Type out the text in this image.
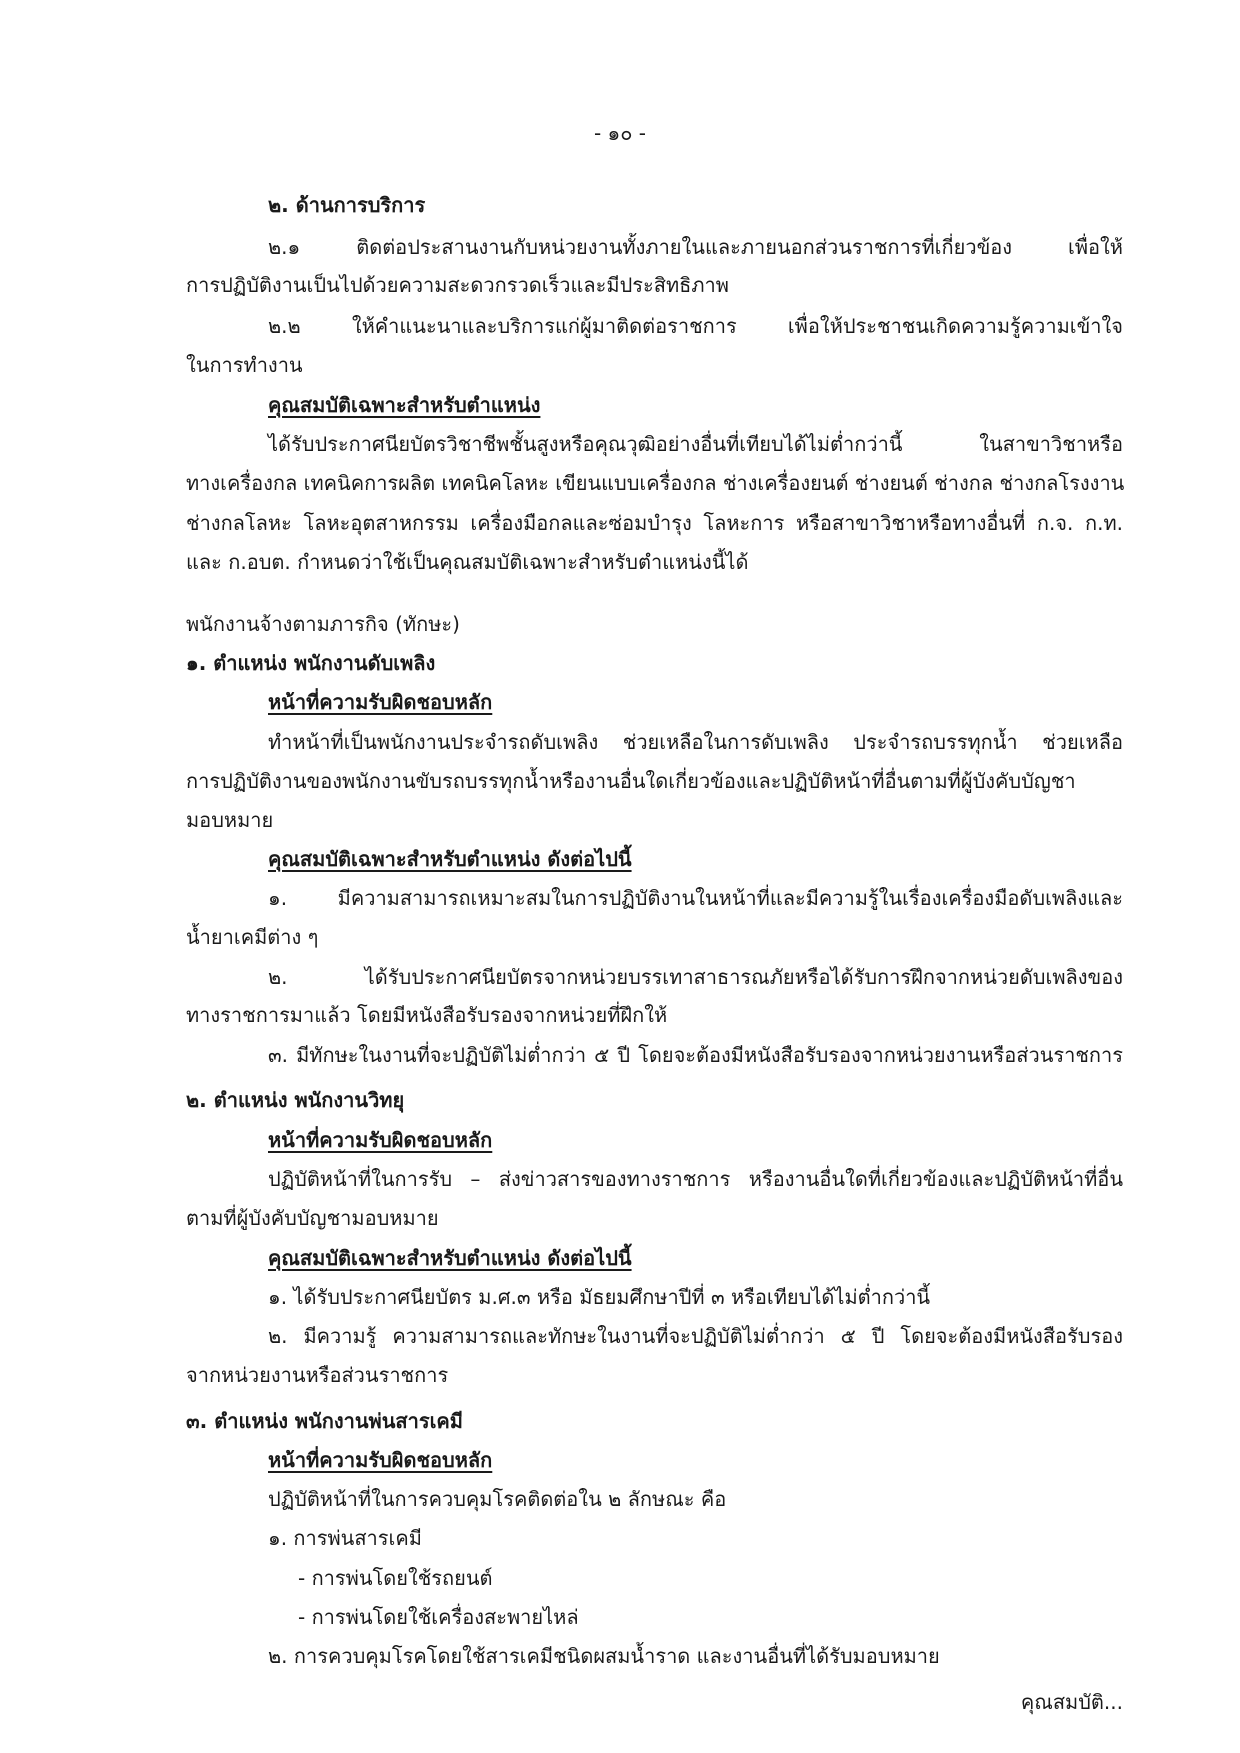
- ๑๐ -

๒. ด้านการบริการ

๒.๑ ติดต่อประสานงานกับหน่วยงานทั้งภายในและภายนอกส่วนราชการที่เกี่ยวข้อง เพื่อให้

การปฏิบัติงานเป็นไปด้วยความสะดวกรวดเร็วและมีประสิทธิภาพ

๒.๒ ให้คำแนะนาและบริการแก่ผู้มาติดต่อราชการ เพื่อให้ประชาชนเกิดความรู้ความเข้าใจ

ในการทำงาน

คุณสมบัติเฉพาะสำหรับตำแหน่ง

ได้รับประกาศนียบัตรวิชาชีพชั้นสูงหรือคุณวุฒิอย่างอื่นที่เทียบได้ไม่ต่ำกว่านี้ ในสาขาวิชาหรือ

ทางเครื่องกล เทคนิคการผลิต เทคนิคโลหะ เขียนแบบเครื่องกล ช่างเครื่องยนต์ ช่างยนต์ ช่างกล ช่างกลโรงงาน

ช่างกลโลหะ โลหะอุตสาหกรรม เครื่องมือกลและซ่อมบำรุง โลหะการ หรือสาขาวิชาหรือทางอื่นที่ ก.จ. ก.ท.

และ ก.อบต. กำหนดว่าใช้เป็นคุณสมบัติเฉพาะสำหรับตำแหน่งนี้ได้

พนักงานจ้างตามภารกิจ (ทักษะ)

๑. ตำแหน่ง พนักงานดับเพลิง

หน้าที่ความรับผิดชอบหลัก

ทำหน้าที่เป็นพนักงานประจำรถดับเพลิง ช่วยเหลือในการดับเพลิง ประจำรถบรรทุกน้ำ ช่วยเหลือ

การปฏิบัติงานของพนักงานขับรถบรรทุกน้ำหรืองานอื่นใดเกี่ยวข้องและปฏิบัติหน้าที่อื่นตามที่ผู้บังคับบัญชา

มอบหมาย

คุณสมบัติเฉพาะสำหรับตำแหน่ง ดังต่อไปนี้

๑. มีความสามารถเหมาะสมในการปฏิบัติงานในหน้าที่และมีความรู้ในเรื่องเครื่องมือดับเพลิงและ

น้ำยาเคมีต่าง ๆ

๒. ได้รับประกาศนียบัตรจากหน่วยบรรเทาสาธารณภัยหรือได้รับการฝึกจากหน่วยดับเพลิงของ

ทางราชการมาแล้ว โดยมีหนังสือรับรองจากหน่วยที่ฝึกให้

๓. มีทักษะในงานที่จะปฏิบัติไม่ต่ำกว่า ๕ ปี โดยจะต้องมีหนังสือรับรองจากหน่วยงานหรือส่วนราชการ

๒. ตำแหน่ง พนักงานวิทยุ

หน้าที่ความรับผิดชอบหลัก

ปฏิบัติหน้าที่ในการรับ – ส่งข่าวสารของทางราชการ หรืองานอื่นใดที่เกี่ยวข้องและปฏิบัติหน้าที่อื่น

ตามที่ผู้บังคับบัญชามอบหมาย

คุณสมบัติเฉพาะสำหรับตำแหน่ง ดังต่อไปนี้

๑. ได้รับประกาศนียบัตร ม.ศ.๓ หรือ มัธยมศึกษาปีที่ ๓ หรือเทียบได้ไม่ต่ำกว่านี้

๒. มีความรู้ ความสามารถและทักษะในงานที่จะปฏิบัติไม่ต่ำกว่า ๕ ปี โดยจะต้องมีหนังสือรับรอง

จากหน่วยงานหรือส่วนราชการ

๓. ตำแหน่ง พนักงานพ่นสารเคมี

หน้าที่ความรับผิดชอบหลัก

ปฏิบัติหน้าที่ในการควบคุมโรคติดต่อใน ๒ ลักษณะ คือ

๑. การพ่นสารเคมี

- การพ่นโดยใช้รถยนต์

- การพ่นโดยใช้เครื่องสะพายไหล่

๒. การควบคุมโรคโดยใช้สารเคมีชนิดผสมน้ำราด และงานอื่นที่ได้รับมอบหมาย

คุณสมบัติ...
